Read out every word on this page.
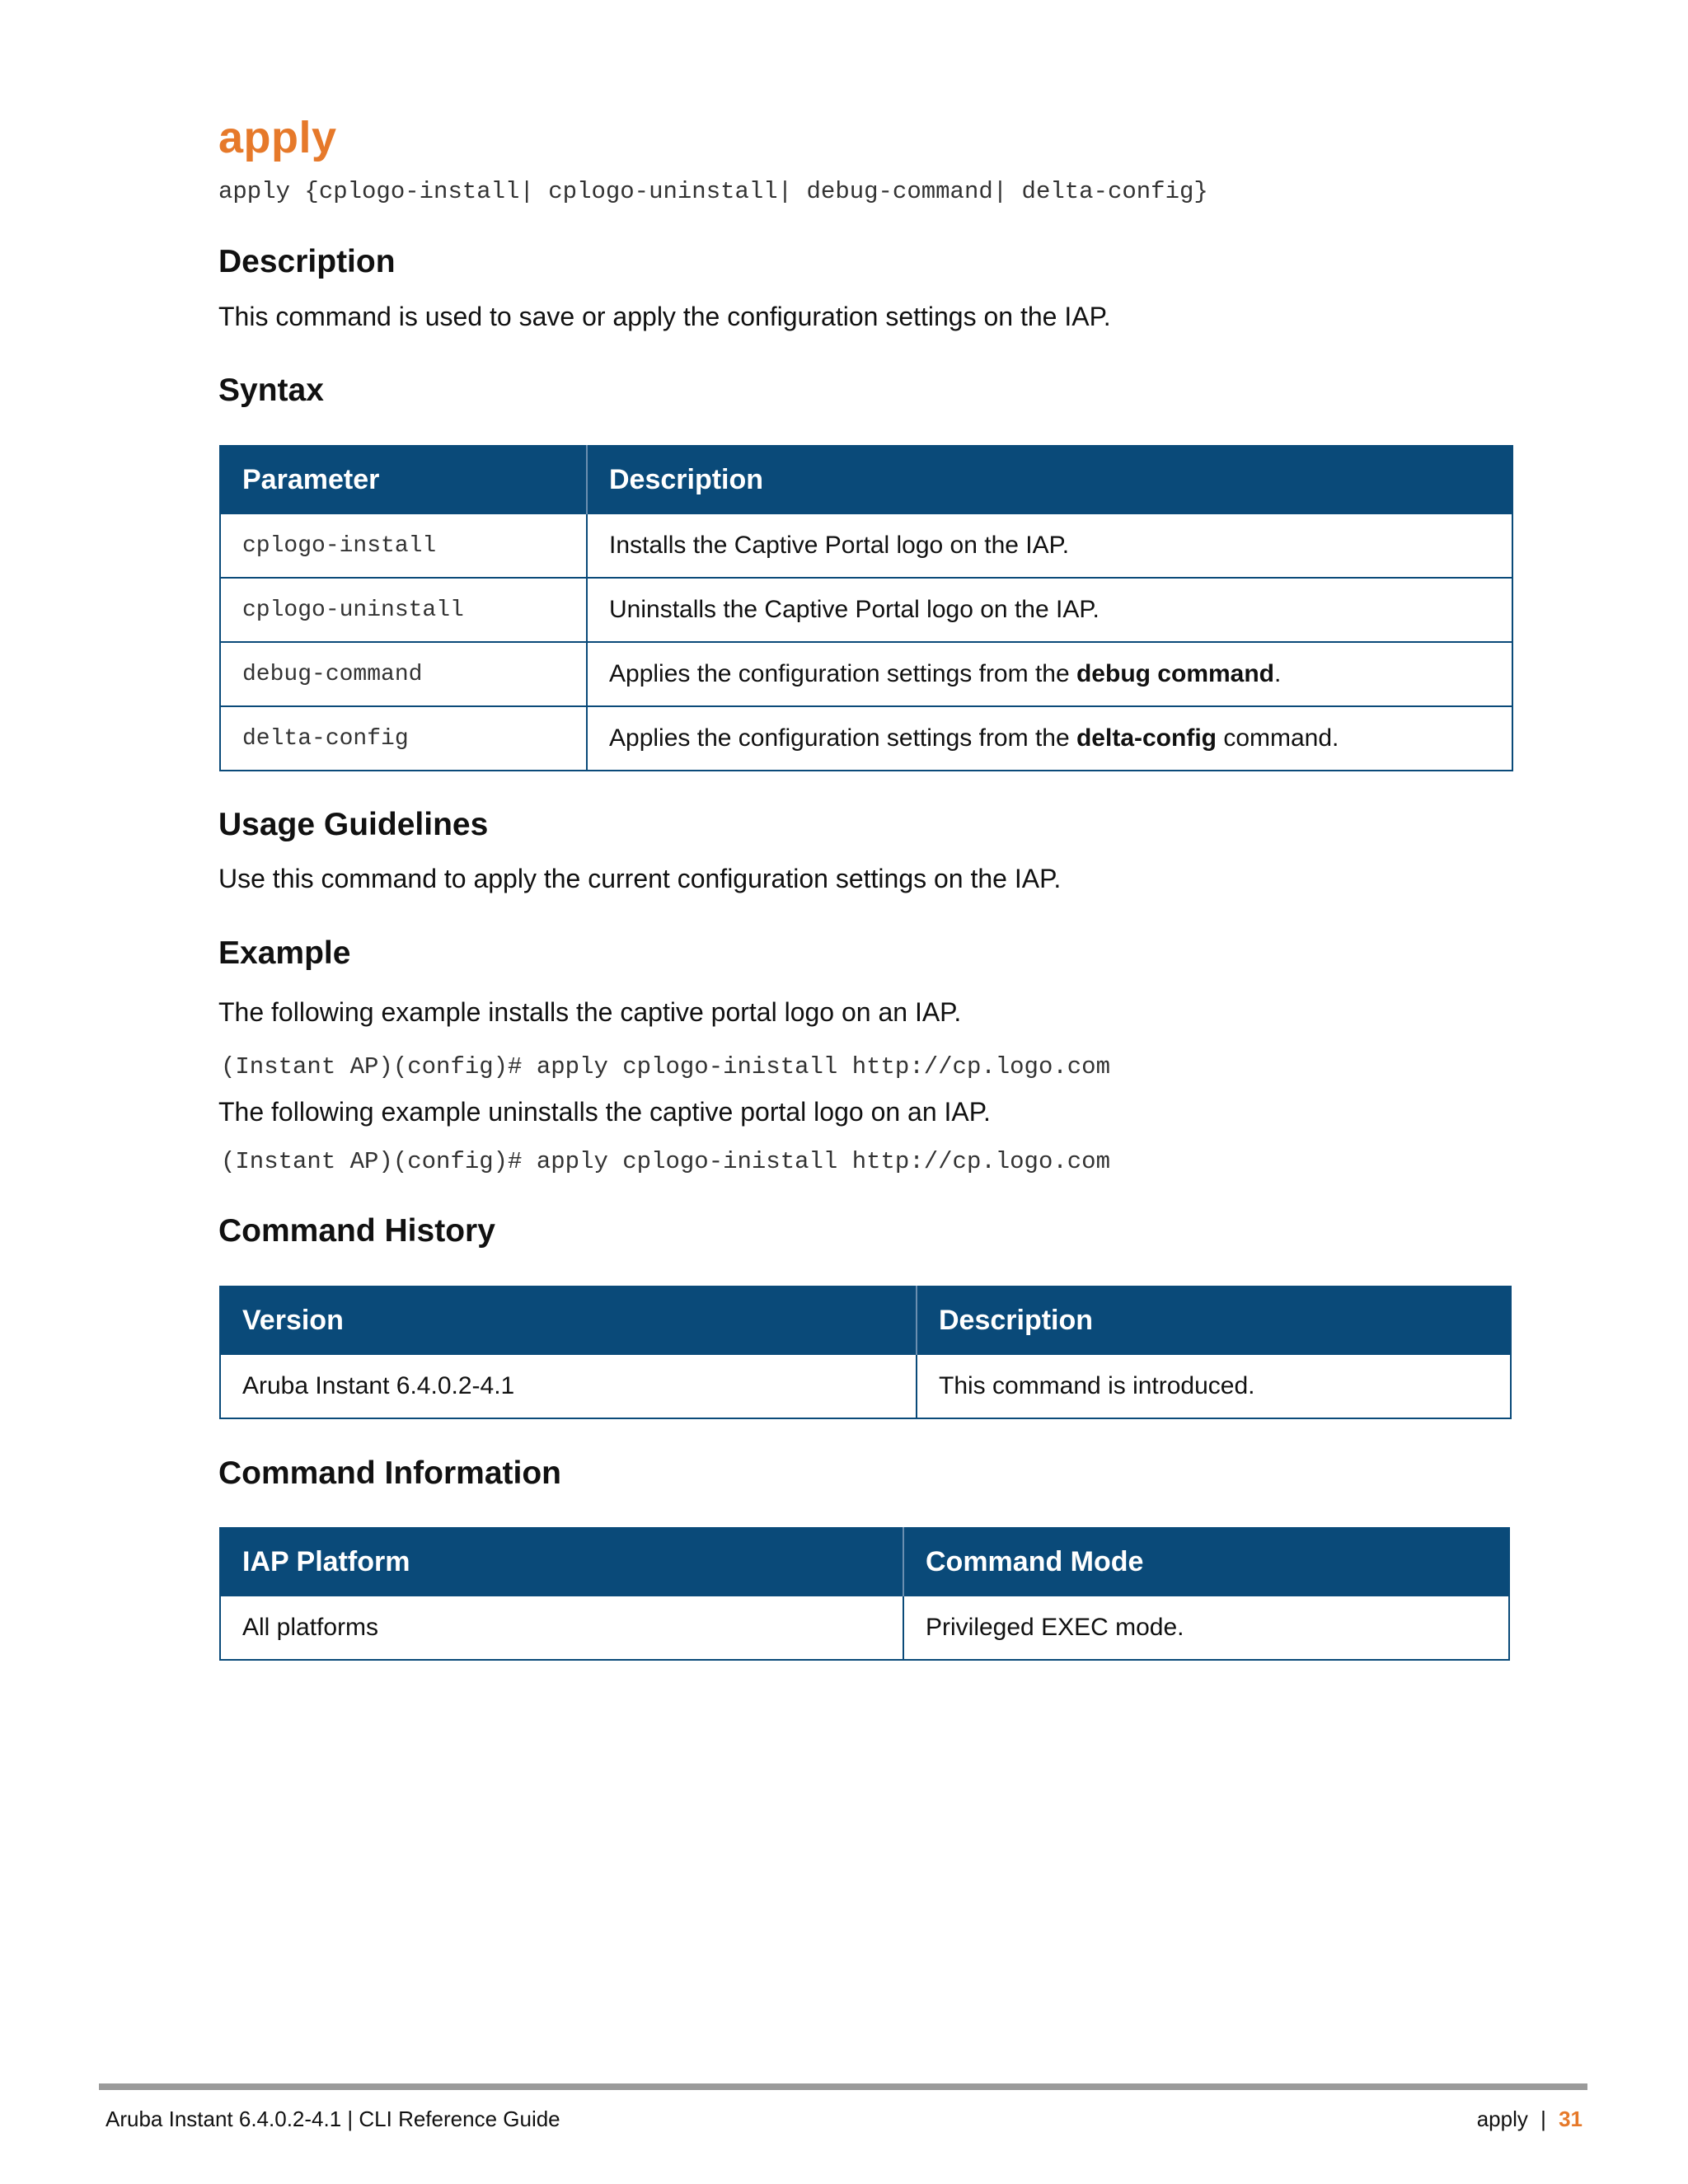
apply
apply {cplogo-install| cplogo-uninstall| debug-command| delta-config}
Description
This command is used to save or apply the configuration settings on the IAP.
Syntax
Parameter	Description
cplogo-install	Installs the Captive Portal logo on the IAP.
cplogo-uninstall	Uninstalls the Captive Portal logo on the IAP.
debug-command	Applies the configuration settings from the debug command.
delta-config	Applies the configuration settings from the delta-config command.
Usage Guidelines
Use this command to apply the current configuration settings on the IAP.
Example
The following example installs the captive portal logo on an IAP.
(Instant AP)(config)# apply cplogo-inistall http://cp.logo.com
The following example uninstalls the captive portal logo on an IAP.
(Instant AP)(config)# apply cplogo-inistall http://cp.logo.com
Command History
Version	Description
Aruba Instant 6.4.0.2-4.1	This command is introduced.
Command Information
IAP Platform	Command Mode
All platforms	Privileged EXEC mode.
Aruba Instant 6.4.0.2-4.1 | CLI Reference Guide	apply | 31
